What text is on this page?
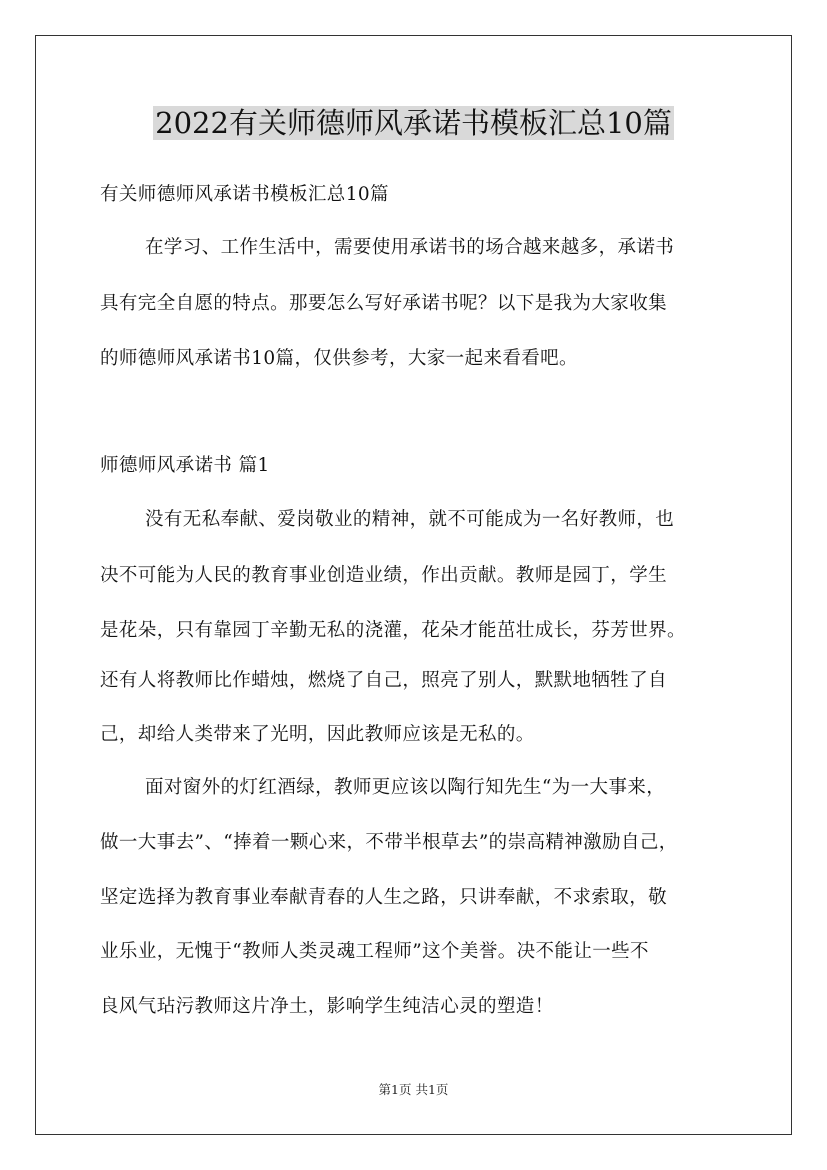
2022有关师德师风承诺书模板汇总10篇
有关师德师风承诺书模板汇总10篇
在学习、工作生活中，需要使用承诺书的场合越来越多，承诺书
具有完全自愿的特点。那要怎么写好承诺书呢？以下是我为大家收集
的师德师风承诺书10篇，仅供参考，大家一起来看看吧。
师德师风承诺书 篇1
没有无私奉献、爱岗敬业的精神，就不可能成为一名好教师，也
决不可能为人民的教育事业创造业绩，作出贡献。教师是园丁，学生
是花朵，只有靠园丁辛勤无私的浇灌，花朵才能茁壮成长，芬芳世界。
还有人将教师比作蜡烛，燃烧了自己，照亮了别人，默默地牺牲了自
己，却给人类带来了光明，因此教师应该是无私的。
面对窗外的灯红酒绿，教师更应该以陶行知先生“为一大事来，
做一大事去”、“捧着一颗心来，不带半根草去”的崇高精神激励自己，
坚定选择为教育事业奉献青春的人生之路，只讲奉献，不求索取，敬
业乐业，无愧于“教师人类灵魂工程师”这个美誉。决不能让一些不
良风气玷污教师这片净土，影响学生纯洁心灵的塑造！
第1页 共1页
